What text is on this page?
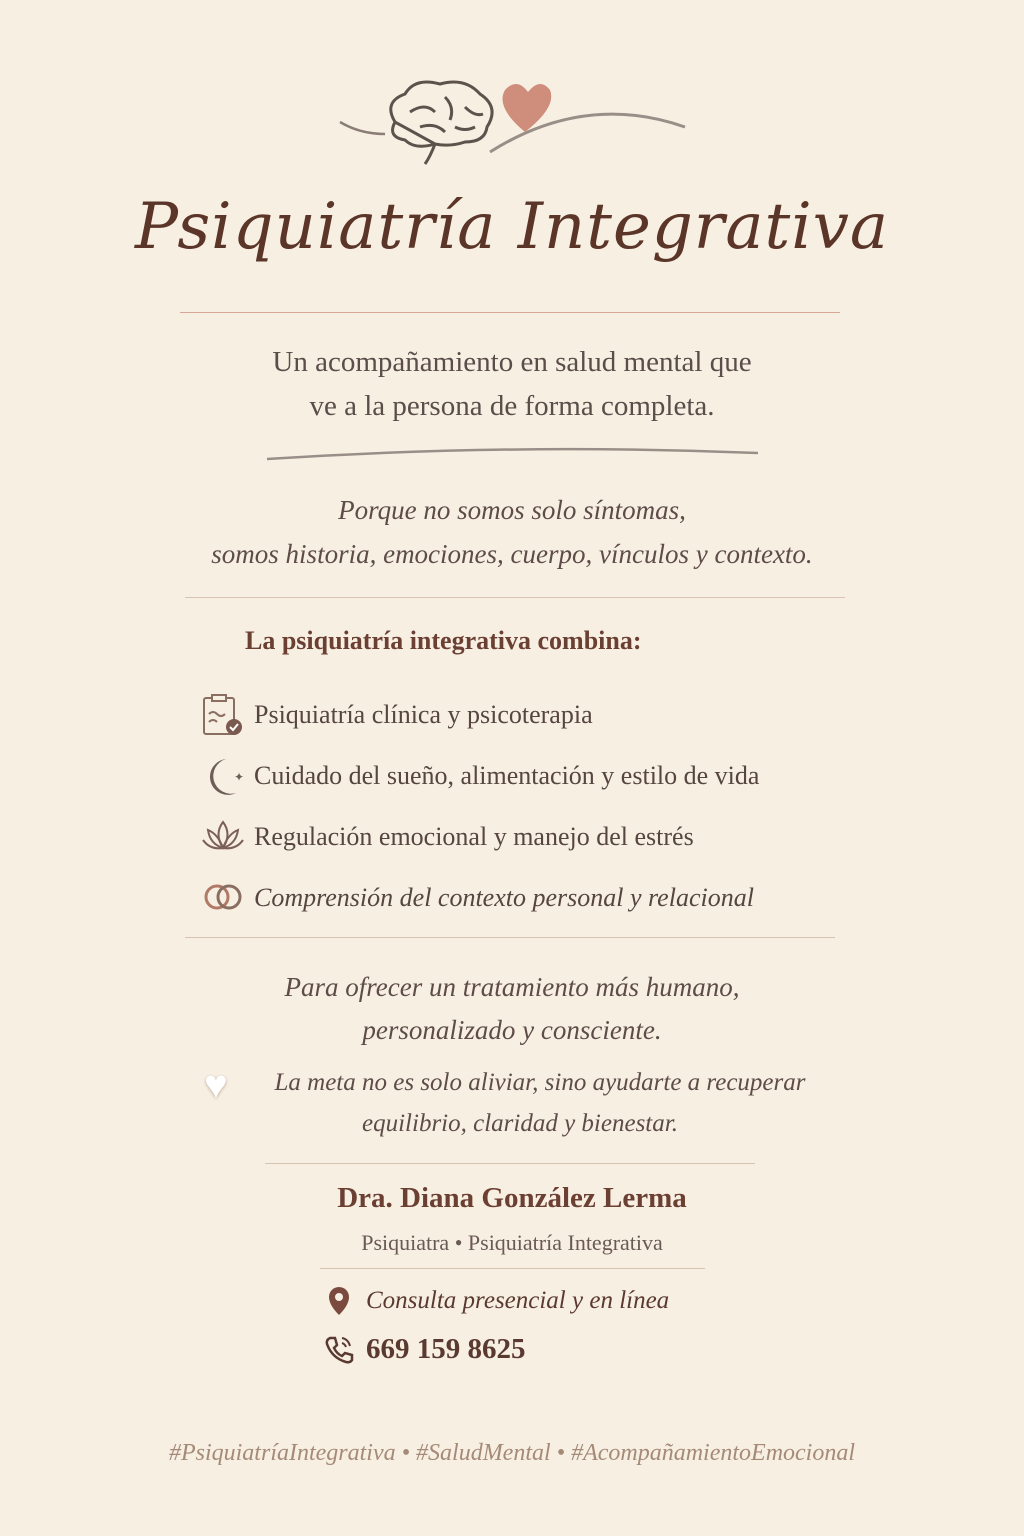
Psiquiatría Integrativa
Un acompañamiento en salud mental que
ve a la persona de forma completa.
Porque no somos solo síntomas,
somos historia, emociones, cuerpo, vínculos y contexto.
La psiquiatría integrativa combina:
Psiquiatría clínica y psicoterapia
✦ Cuidado del sueño, alimentación y estilo de vida
Regulación emocional y manejo del estrés
Comprensión del contexto personal y relacional
Para ofrecer un tratamiento más humano,
personalizado y consciente.
♥	La meta no es solo aliviar, sino ayudarte a recuperar
equilibrio, claridad y bienestar.
Dra. Diana González Lerma
Psiquiatra • Psiquiatría Integrativa
Consulta presencial y en línea
669 159 8625
#PsiquiatríaIntegrativa • #SaludMental • #AcompañamientoEmocional
